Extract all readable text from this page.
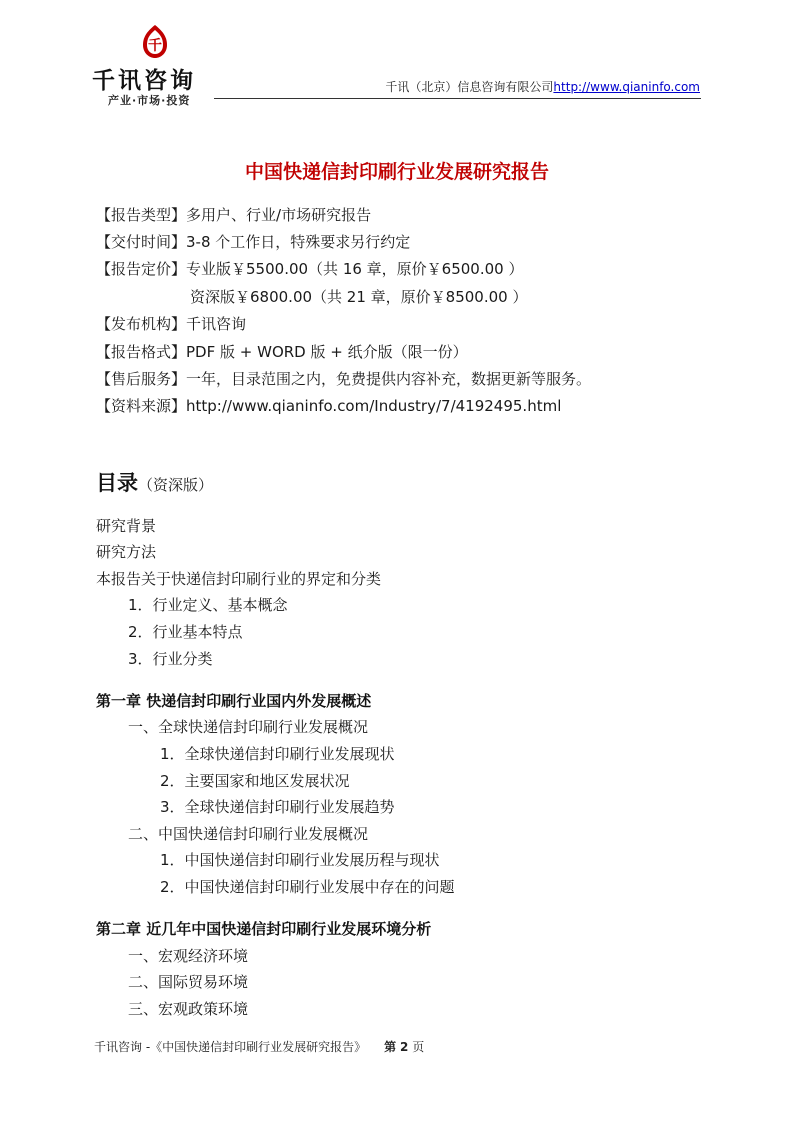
千
千讯咨询
产业·市场·投资
千讯（北京）信息咨询有限公司http://www.qianinfo.com
中国快递信封印刷行业发展研究报告
【报告类型】多用户、行业/市场研究报告
【交付时间】3-8 个工作日，特殊要求另行约定
【报告定价】专业版￥5500.00（共 16 章，原价￥6500.00 ）
资深版￥6800.00（共 21 章，原价￥8500.00 ）
【发布机构】千讯咨询
【报告格式】PDF 版 + WORD 版 + 纸介版（限一份）
【售后服务】一年，目录范围之内，免费提供内容补充，数据更新等服务。
【资料来源】http://www.qianinfo.com/Industry/7/4192495.html
目录（资深版）
研究背景
研究方法
本报告关于快递信封印刷行业的界定和分类
1．行业定义、基本概念
2．行业基本特点
3．行业分类
第一章 快递信封印刷行业国内外发展概述
一、全球快递信封印刷行业发展概况
1．全球快递信封印刷行业发展现状
2．主要国家和地区发展状况
3．全球快递信封印刷行业发展趋势
二、中国快递信封印刷行业发展概况
1．中国快递信封印刷行业发展历程与现状
2．中国快递信封印刷行业发展中存在的问题
第二章 近几年中国快递信封印刷行业发展环境分析
一、宏观经济环境
二、国际贸易环境
三、宏观政策环境
千讯咨询 -《中国快递信封印刷行业发展研究报告》 第 2 页
